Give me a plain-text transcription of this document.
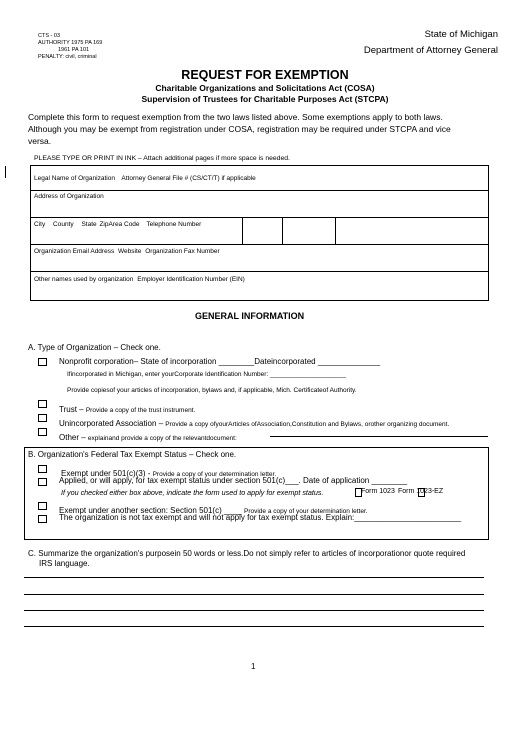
CTS - 03
AUTHORITY 1975 PA 169
1961 PA 101
PENALTY: civil, criminal
State of Michigan
Department of Attorney General
REQUEST FOR EXEMPTION
Charitable Organizations and Solicitations Act (COSA)
Supervision of Trustees for Charitable Purposes Act (STCPA)
Complete this form to request exemption from the two laws listed above. Some exemptions apply to both laws.
Although you may be exempt from registration under COSA, registration may be required under STCPA and vice
versa.
PLEASE TYPE OR PRINT IN INK – Attach additional pages if more space is needed.
Legal Name of Organization Attorney General File # (CS/CT/T) if applicable
Address of Organization
City County State ZipArea Code Telephone Number
Organization Email Address Website Organization Fax Number
Other names used by organization Employer Identification Number (EIN)
GENERAL INFORMATION
A. Type of Organization – Check one.
Nonprofit corporation– State of incorporation ________Dateincorporated ______________
Ifincorporated in Michigan, enter yourCorporate Identification Number: _____________________
Provide copiesof your articles of incorporation, bylaws and, if applicable, Mich. Certificateof Authority.
Trust – Provide a copy of the trust instrument.
Unincorporated Association – Provide a copy ofyourArticles ofAssociation,Constitution and Bylaws, orother organizing document.
Other – explainand provide a copy of the relevantdocument:
B. Organization's Federal Tax Exempt Status – Check one.
Exempt under 501(c)(3) - Provide a copy of your determination letter.
Applied, or will apply, for tax exempt status under section 501(c)___. Date of application ________
If you checked either box above, indicate the form used to apply for exempt status.	Form 1023 Form 1023-EZ
Exempt under another section: Section 501(c) ____ Provide a copy of your determination letter.
The organization is not tax exempt and will not apply for tax exempt status. Explain:________________________
C. Summarize the organization's purposein 50 words or less.Do not simply refer to articles of incorporationor quote required
IRS language.
1
